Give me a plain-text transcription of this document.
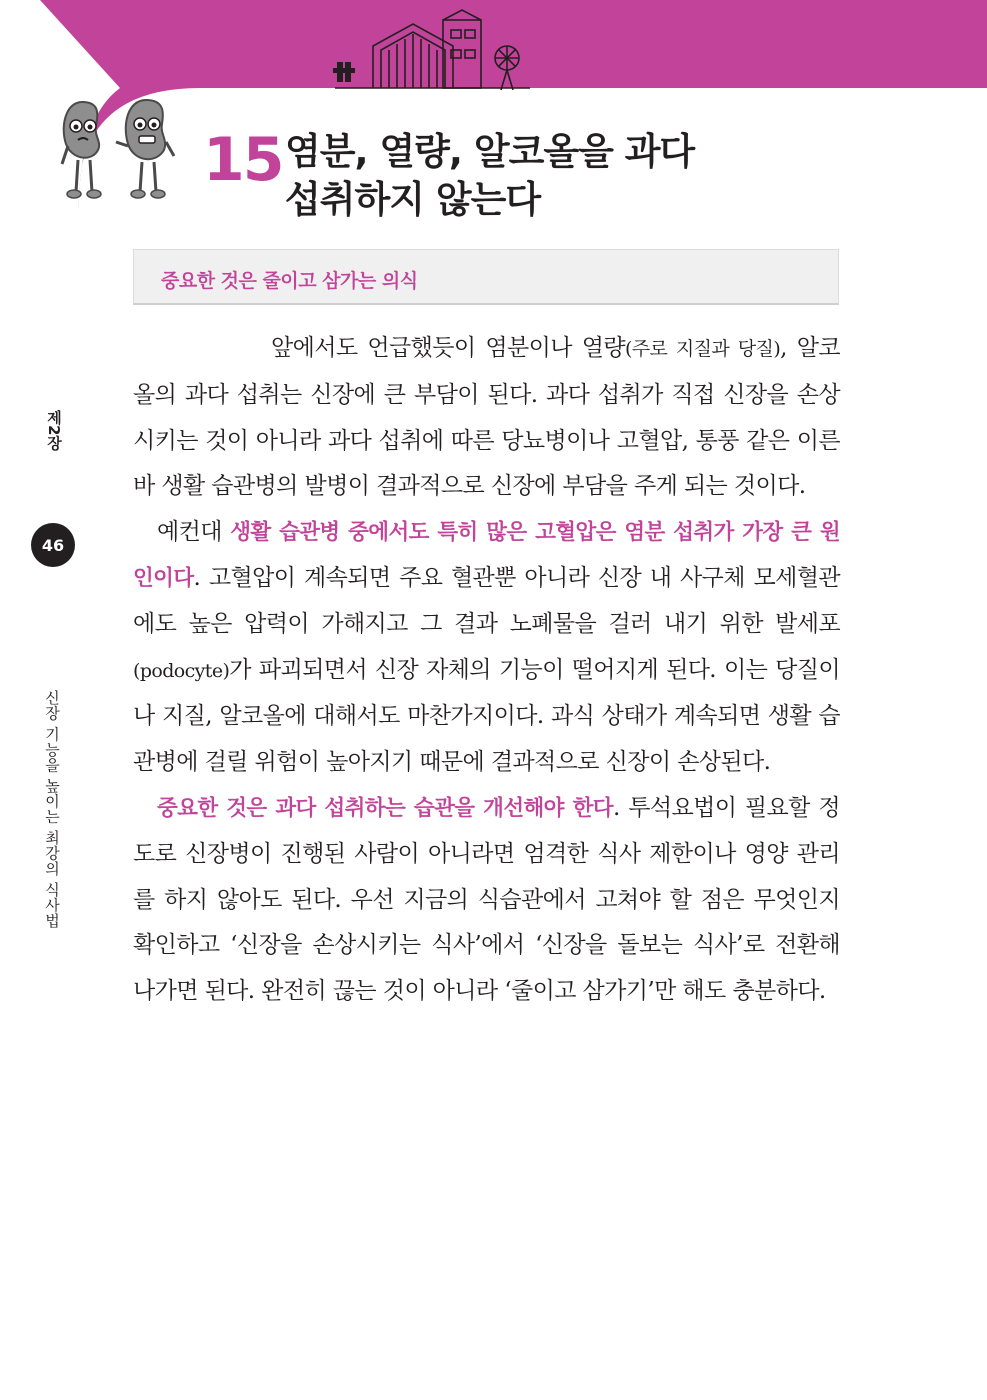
15 염분, 열량, 알코올을 과다
섭취하지 않는다
중요한 것은 줄이고 삼가는 의식
제2장
46
신장 기능을 높이는 최강의 식사법

앞에서도 언급했듯이 염분이나 열량(주로 지질과 당질), 알코올의 과다 섭취는 신장에 큰 부담이 된다. 과다 섭취가 직접 신장을 손상시키는 것이 아니라 과다 섭취에 따른 당뇨병이나 고혈압, 통풍 같은 이른바 생활 습관병의 발병이 결과적으로 신장에 부담을 주게 되는 것이다.

예컨대 생활 습관병 중에서도 특히 많은 고혈압은 염분 섭취가 가장 큰 원인이다. 고혈압이 계속되면 주요 혈관뿐 아니라 신장 내 사구체 모세혈관에도 높은 압력이 가해지고 그 결과 노폐물을 걸러 내기 위한 발세포(podocyte)가 파괴되면서 신장 자체의 기능이 떨어지게 된다. 이는 당질이나 지질, 알코올에 대해서도 마찬가지이다. 과식 상태가 계속되면 생활 습관병에 걸릴 위험이 높아지기 때문에 결과적으로 신장이 손상된다.

중요한 것은 과다 섭취하는 습관을 개선해야 한다. 투석요법이 필요할 정도로 신장병이 진행된 사람이 아니라면 엄격한 식사 제한이나 영양 관리를 하지 않아도 된다. 우선 지금의 식습관에서 고쳐야 할 점은 무엇인지 확인하고 ‘신장을 손상시키는 식사’에서 ‘신장을 돌보는 식사’로 전환해 나가면 된다. 완전히 끊는 것이 아니라 ‘줄이고 삼가기’만 해도 충분하다.
